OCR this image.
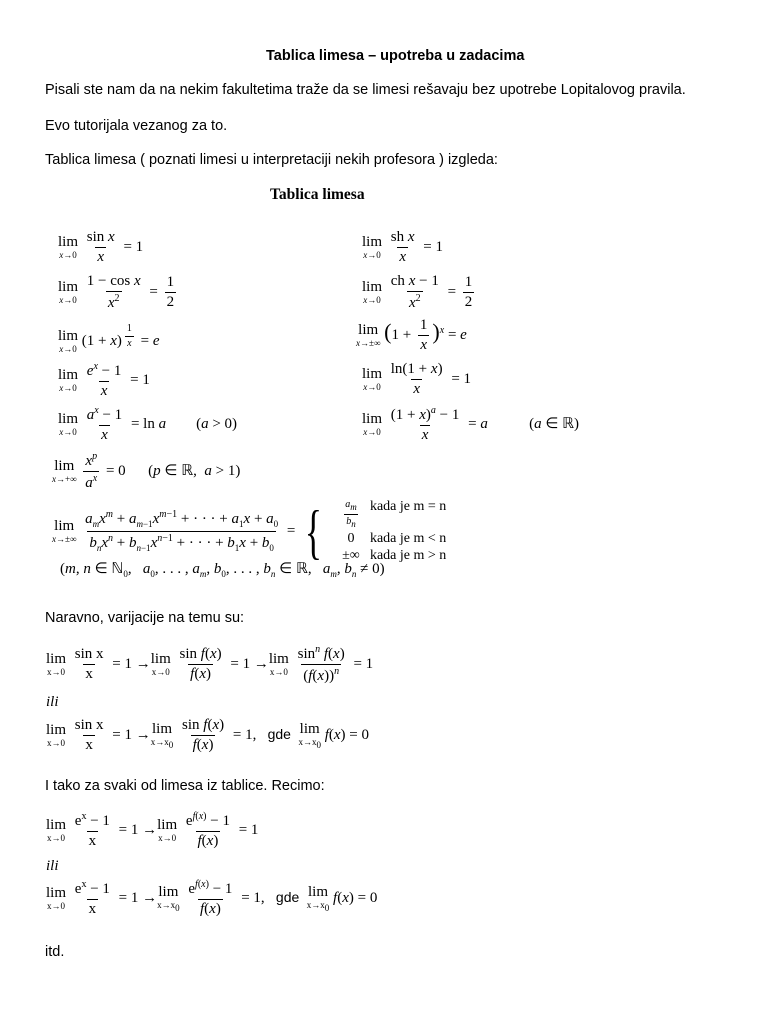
Tablica limesa – upotreba u zadacima
Pisali ste nam da na nekim fakultetima traže da se limesi rešavaju bez upotrebe Lopitalovog pravila.
Evo tutorijala vezanog za to.
Tablica limesa ( poznati limesi u interpretaciji nekih profesora ) izgleda:
Tablica limesa
lim
x→0
$\frac{\text{sin x}}{x} = 1$
lim
x→0
$\frac{\text{1 − cos x}}{x^2} = \frac{1}{2}$
lim
x→0
(1 + x) $^{\frac{1}{x}}$ = e
lim
x→0
$\frac{e^x - 1}{x} = 1$
lim
x→0
$\frac{a^x - 1}{x} = \ln a$        (a > 0)
lim
x→+∞
$\frac{x^p}{a^x} = 0$      (p ∈ ℝ,  a > 1)
lim
x→0
$\frac{\text{sh x}}{x} = 1$
lim
x→0
$\frac{\text{ch x − 1}}{x^2} = \frac{1}{2}$
lim
x→±∞ $(1 + \frac{1}{x} )^x = e$
lim
x→0
$\frac{\ln(1 + x)}{x} = 1$
lim
x→0
$\frac{(1 + x)^a - 1}{x} = a$           (a ∈ ℝ)
lim
x→±∞
$\frac{a_mx^m + a_{m-1}x^{m-1} + \cdot \cdot \cdot + a_1x + a_0}{b_nx^n + b_{n-1}x^{n-1} + \cdot \cdot \cdot + b_1x + b_0}$ = { $\frac{a_m}{b_n}$ kada je m = n
0	kada je m < n
±∞ kada je m > n
(m, n ∈ ℕ$_0$,   $a_0$, . . . , $a_m$, $b_0$, . . . , $b_n$ ∈ ℝ,   $a_m$, $b_n \ne 0$)
Naravno, varijacije na temu su:
lim
x→0
$\frac{\text{sin x}}{x} = 1 \to \lim$
x→0
$\frac{\text{sin f(x)}}{f(x)} = 1 \to \lim$
x→0
$\frac{\sin^n f(x)}{(f(x))^n} = 1$
ili
lim
x→0
$\frac{\text{sin x}}{x} = 1 \to \lim$
$x\to x_0$
$\frac{\text{sin f(x)}}{f(x)} = 1$,   gde lim
$x\to x_0$
f(x) = 0
I tako za svaki od limesa iz tablice. Recimo:
lim
x→0
$\frac{e^x - 1}{x} = 1 \to \lim$
x→0
$\frac{e^{f(x)} - 1}{f(x)} = 1$
ili
lim
x→0
$\frac{e^x - 1}{x} = 1 \to \lim$
$x\to x_0$
$\frac{e^{f(x)} - 1}{f(x)} = 1$,   gde lim
$x\to x_0$
f(x) = 0
itd.
